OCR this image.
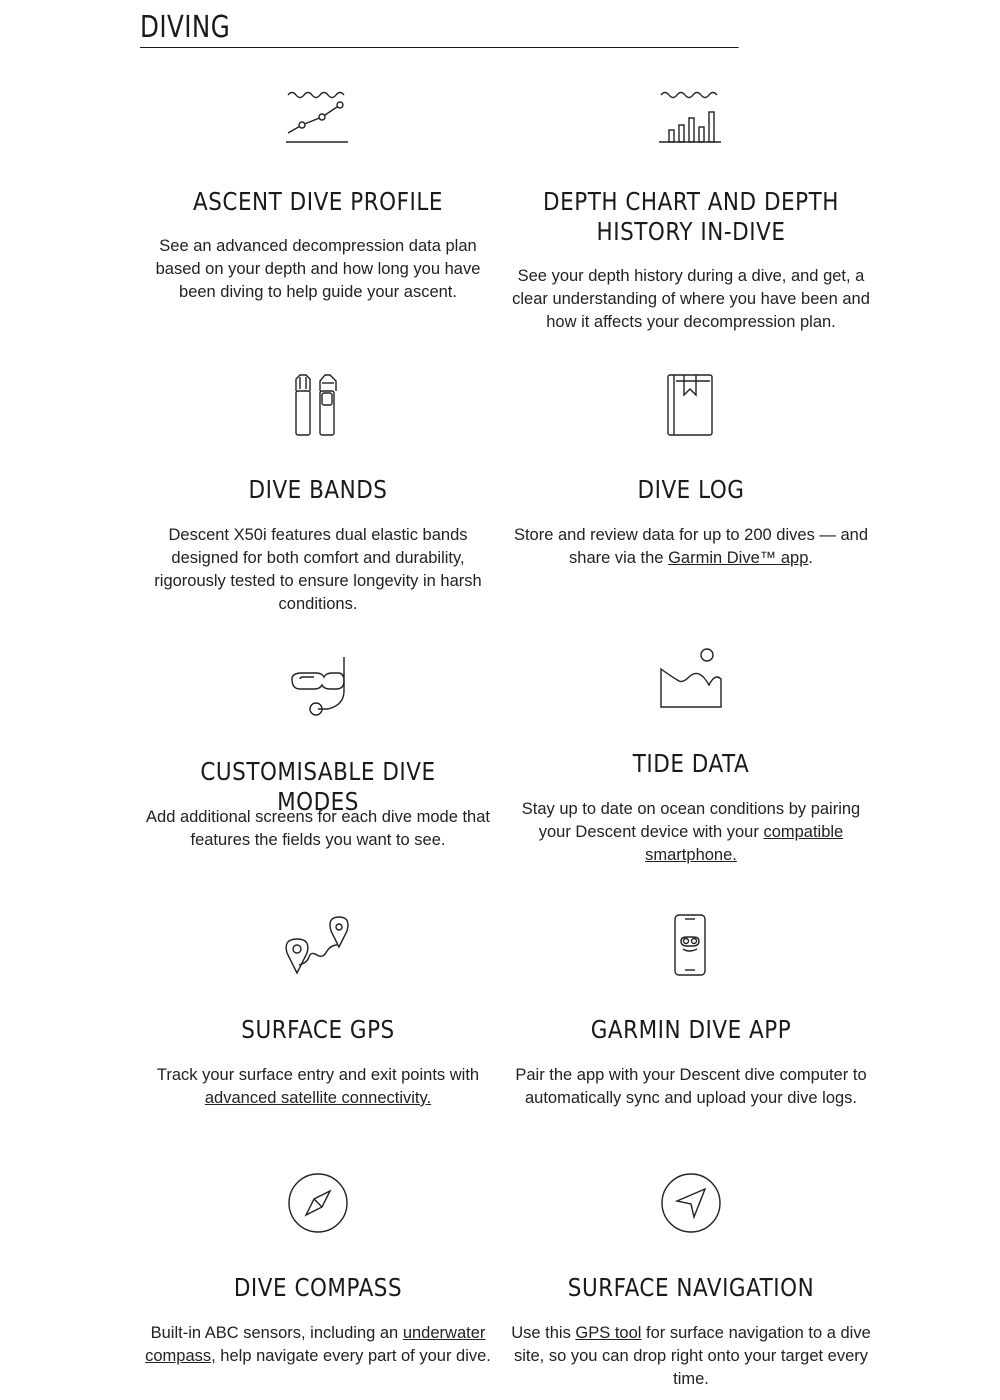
DIVING
ASCENT DIVE PROFILE

See an advanced decompression data plan based on your depth and how long you have been diving to help guide your ascent.

DEPTH CHART AND DEPTH HISTORY IN-DIVE

See your depth history during a dive, and get, a clear understanding of where you have been and how it affects your decompression plan.

DIVE BANDS

Descent X50i features dual elastic bands designed for both comfort and durability, rigorously tested to ensure longevity in harsh conditions.

DIVE LOG

Store and review data for up to 200 dives — and share via the Garmin Dive™ app.

CUSTOMISABLE DIVE MODES

Add additional screens for each dive mode that features the fields you want to see.

TIDE DATA

Stay up to date on ocean conditions by pairing your Descent device with your compatible smartphone.

SURFACE GPS

Track your surface entry and exit points with advanced satellite connectivity.

GARMIN DIVE APP

Pair the app with your Descent dive computer to automatically sync and upload your dive logs.

DIVE COMPASS

Built-in ABC sensors, including an underwater compass, help navigate every part of your dive.

SURFACE NAVIGATION

Use this GPS tool for surface navigation to a dive site, so you can drop right onto your target every time.
